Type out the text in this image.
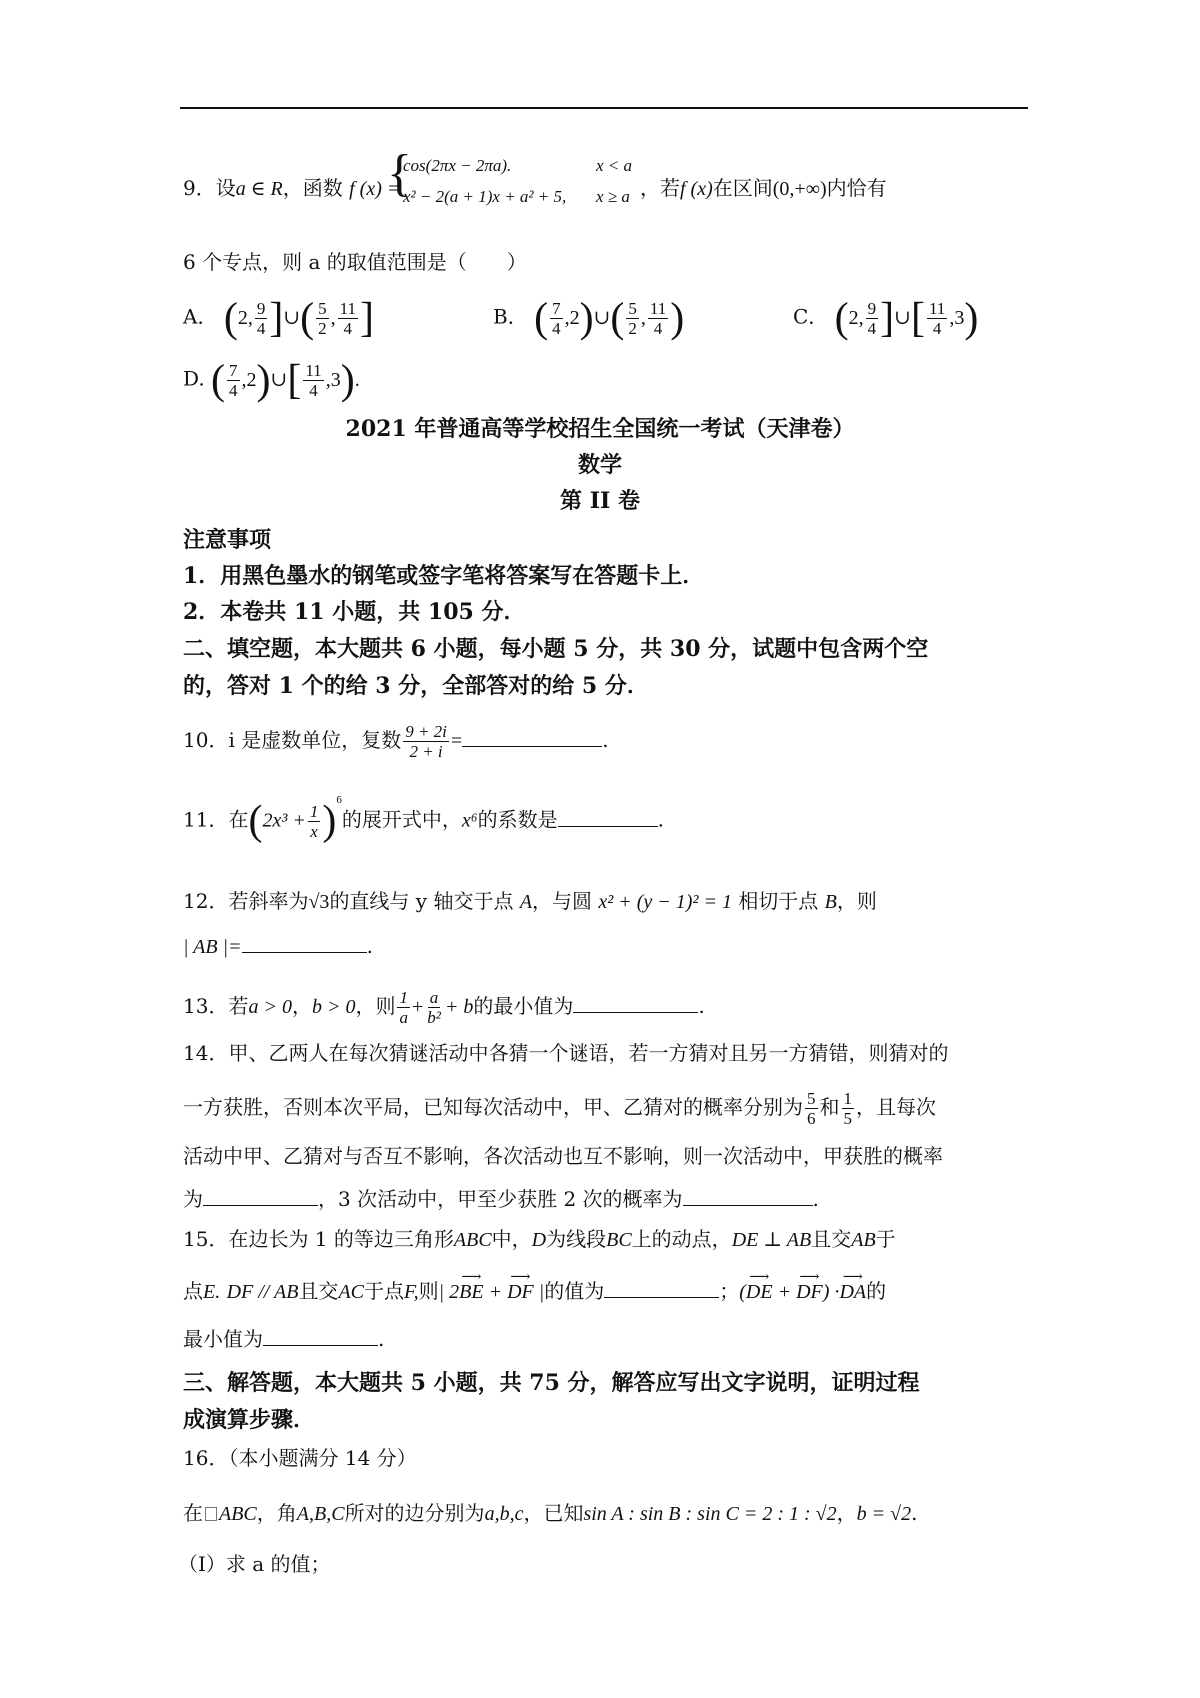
9．设a ∈ R，函数 f (x) =
{
cos(2πx − 2πa).	x < a
x² − 2(a + 1)x + a² + 5, x ≥ a ，若f (x)在区间(0,+∞)内恰有
6 个专点，则 a 的取值范围是（　　）
A． (2, $\frac{9}{4}$ ]∪( $\frac{5}{2}$ , $\frac{11}{4}$ ]	B． ( $\frac{7}{4}$ ,2)∪( $\frac{5}{2}$ , $\frac{11}{4}$ )	C． (2, $\frac{9}{4}$ ]∪[ $\frac{11}{4} ,3$)
D. ( $\frac{7}{4}$ ,2)∪[ $\frac{11}{4} ,3$).
2021 年普通高等学校招生全国统一考试（天津卷）
数学
第 II 卷
注意事项
1．用黑色墨水的钢笔或签字笔将答案写在答题卡上．
2．本卷共 11 小题，共 105 分．
二、填空题，本大题共 6 小题，每小题 5 分，共 30 分，试题中包含两个空
的，答对 1 个的给 3 分，全部答对的给 5 分．
10．i 是虚数单位，复数 $\frac{9 + 2i}{2 + i}$ =	.
11．在$(2x^3 + \frac{1}{x} )^6$的展开式中，x⁶的系数是	.
12．若斜率为√3的直线与 y 轴交于点 A，与圆 x² + (y − 1)² = 1 相切于点 B，则
| AB |=	.
13．若a > 0，b > 0，则 $\frac{1}{a} + \frac{a}{\text{b²}} + b$的最小值为	.
14．甲、乙两人在每次猜谜活动中各猜一个谜语，若一方猜对且另一方猜错，则猜对的
一方获胜，否则本次平局，已知每次活动中，甲、乙猜对的概率分别为 $\frac{5}{6}$ 和 $\frac{1}{5}$ ，且每次
活动中甲、乙猜对与否互不影响，各次活动也互不影响，则一次活动中，甲获胜的概率
为	，3 次活动中，甲至少获胜 2 次的概率为	.
15．在边长为 1 的等边三角形ABC中，D为线段BC上的动点，DE ⊥ AB且交AB于
点E. DF // AB且交AC于点F,则| 2⟶ BE + ⟶ DF |的值为	；(⟶ DE + ⟶ DF) ·⟶ DA的
最小值为	.
三、解答题，本大题共 5 小题，共 75 分，解答应写出文字说明，证明过程
成演算步骤．
16．（本小题满分 14 分）
在 ABC，角A,B,C所对的边分别为a,b,c，已知sin A : sin B : sin C = 2 : 1 : √2，b = √2.
（I）求 a 的值；
